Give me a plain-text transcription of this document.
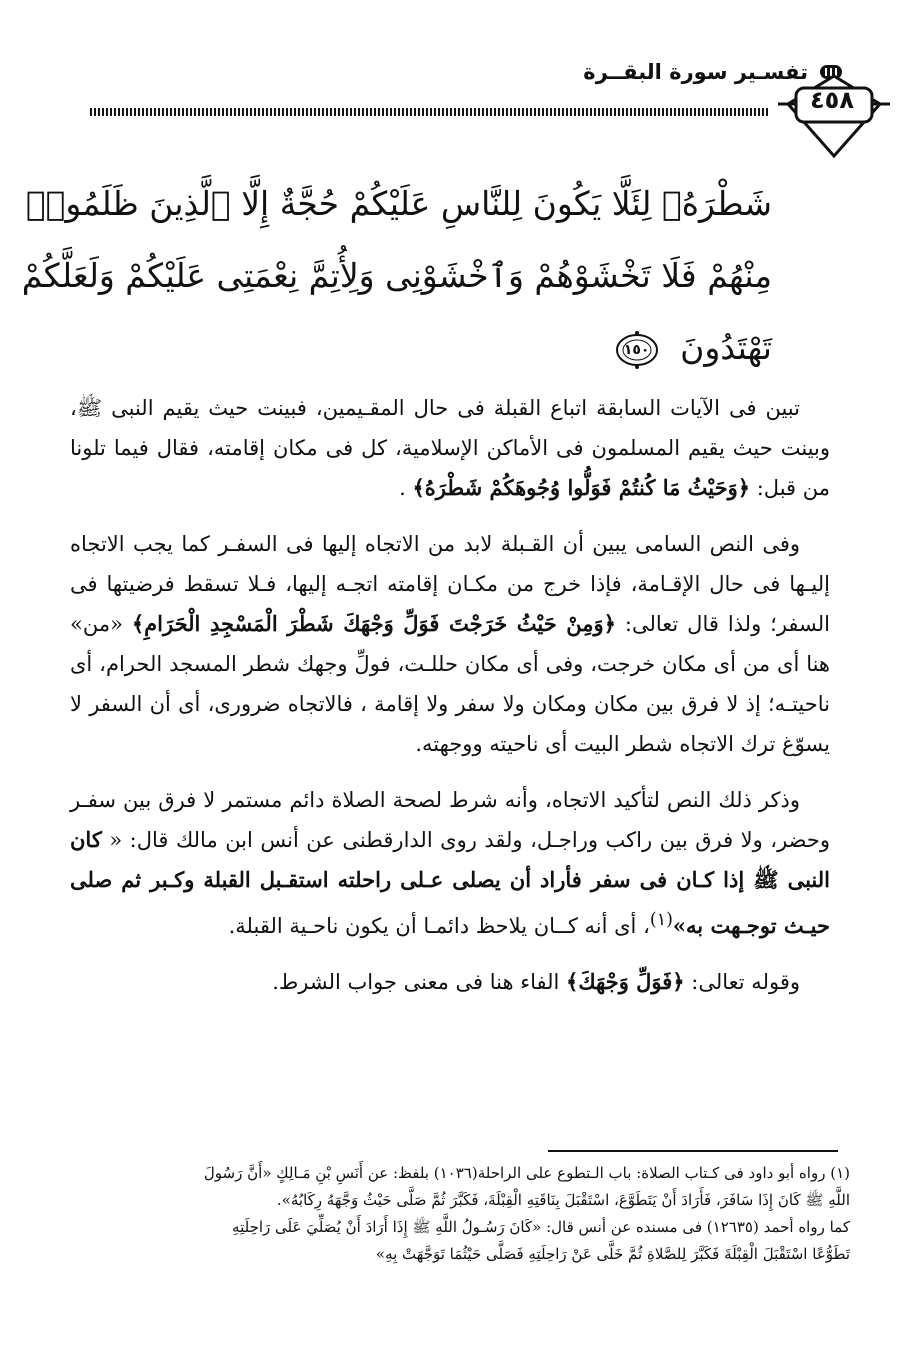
تفسـير سورة البقــرة
٤٥٨
شَطْرَهُۥ لِئَلَّا يَكُونَ لِلنَّاسِ عَلَيْكُمْ حُجَّةٌ إِلَّا ٱلَّذِينَ ظَلَمُوا۟
مِنْهُمْ فَلَا تَخْشَوْهُمْ وَٱخْشَوْنِى وَلِأُتِمَّ نِعْمَتِى عَلَيْكُمْ وَلَعَلَّكُمْ
تَهْتَدُونَ
١٥٠

تبين فى الآيات السابقة اتباع القبلة فى حال المقـيمين، فبينت حيث يقيم النبى ﷺ، وبينت حيث يقيم المسلمون فى الأماكن الإسلامية، كل فى مكان إقامته، فقال فيما تلونا من قبل: ﴿وَحَيْثُ مَا كُنتُمْ فَوَلُّوا وُجُوهَكُمْ شَطْرَهُ﴾ .

وفى النص السامى يبين أن القـبلة لابد من الاتجاه إليها فى السفـر كما يجب الاتجاه إليـها فى حال الإقـامة، فإذا خرج من مكـان إقامته اتجـه إليها، فـلا تسقط فرضيتها فى السفر؛ ولذا قال تعالى: ﴿وَمِنْ حَيْثُ خَرَجْتَ فَوَلِّ وَجْهَكَ شَطْرَ الْمَسْجِدِ الْحَرَامِ﴾ «من» هنا أى من أى مكان خرجت، وفى أى مكان حللـت، فولِّ وجهك شطر المسجد الحرام، أى ناحيتـه؛ إذ لا فرق بين مكان ومكان ولا سفر ولا إقامة ، فالاتجاه ضرورى، أى أن السفر لا يسوّغ ترك الاتجاه شطر البيت أى ناحيته ووجهته.

وذكر ذلك النص لتأكيد الاتجاه، وأنه شرط لصحة الصلاة دائم مستمر لا فرق بين سفـر وحضر، ولا فرق بين راكب وراجـل، ولقد روى الدارقطنى عن أنس ابن مالك قال: « كان النبى ﷺ إذا كـان فى سفر فأراد أن يصلى عـلى راحلته استقـبل القبلة وكـبر ثم صلى حيـث توجـهت به»$^{(١)}$، أى أنه كــان يلاحظ دائمـا أن يكون ناحـية القبلة.

وقوله تعالى: ﴿فَوَلِّ وَجْهَكَ﴾ الفاء هنا فى معنى جواب الشرط.

(١) رواه أبو داود فى كـتاب الصلاة: باب الـتطوع على الراحلة(١٠٣٦) بلفظ: عن أَنَسِ بْنِ مَـالِكٍ «أَنَّ رَسُولَ
اللَّهِ ﷺ كَانَ إِذَا سَافَرَ، فَأَرَادَ أَنْ يَتَطَوَّعَ، اسْتَقْبَلَ بِنَاقَتِهِ الْقِبْلَةَ، فَكَبَّرَ ثُمَّ صَلَّى حَيْثُ وَجَّهَهُ رِكَابُهُ».
كما رواه أحمد (١٢٦٣٥) فى مسنده عن أنس قال: «كَانَ رَسُـولُ اللَّهِ ﷺ إِذَا أَرَادَ أَنْ يُصَلِّيَ عَلَى رَاحِلَتِهِ
تَطَوُّعًا اسْتَقْبَلَ الْقِبْلَةَ فَكَبَّرَ لِلصَّلاةِ ثُمَّ خَلَّى عَنْ رَاحِلَتِهِ فَصَلَّى حَيْثُمَا تَوَجَّهَتْ بِهِ»
